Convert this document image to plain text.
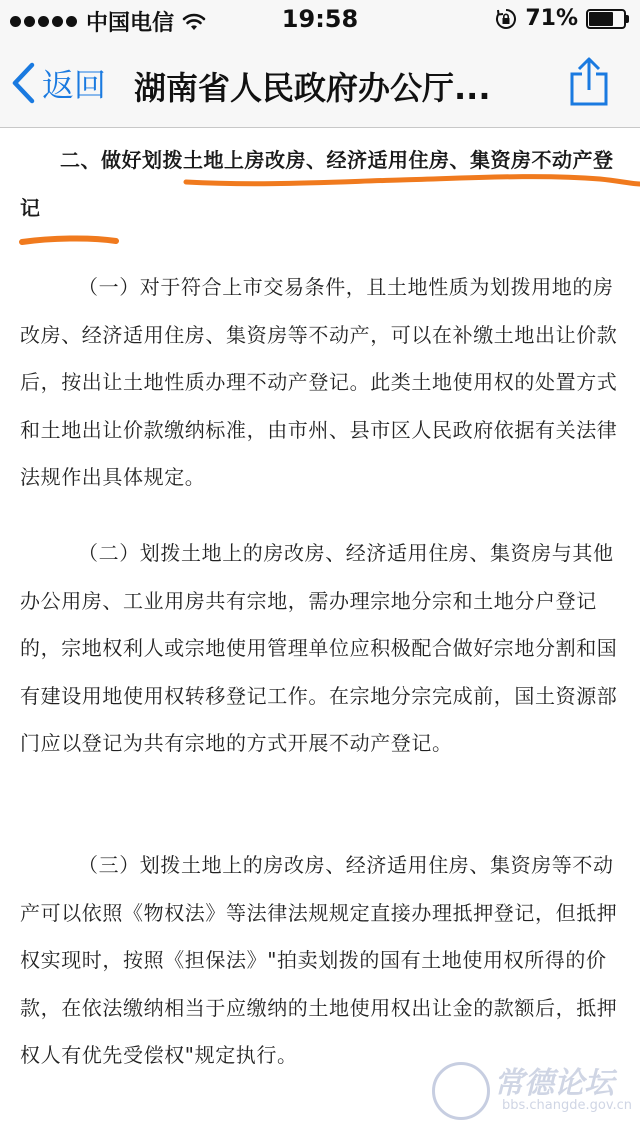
中国电信	19:58	71%
返回 湖南省人民政府办公厅...
二、做好划拨土地上房改房、经济适用住房、集资房不动产登记
（一）对于符合上市交易条件，且土地性质为划拨用地的房改房、经济适用住房、集资房等不动产，可以在补缴土地出让价款后，按出让土地性质办理不动产登记。此类土地使用权的处置方式和土地出让价款缴纳标准，由市州、县市区人民政府依据有关法律法规作出具体规定。
（二）划拨土地上的房改房、经济适用住房、集资房与其他办公用房、工业用房共有宗地，需办理宗地分宗和土地分户登记的，宗地权利人或宗地使用管理单位应积极配合做好宗地分割和国有建设用地使用权转移登记工作。在宗地分宗完成前，国土资源部门应以登记为共有宗地的方式开展不动产登记。
（三）划拨土地上的房改房、经济适用住房、集资房等不动产可以依照《物权法》等法律法规规定直接办理抵押登记，但抵押权实现时，按照《担保法》"拍卖划拨的国有土地使用权所得的价款，在依法缴纳相当于应缴纳的土地使用权出让金的款额后，抵押权人有优先受偿权"规定执行。
常德论坛
bbs.changde.gov.cn
